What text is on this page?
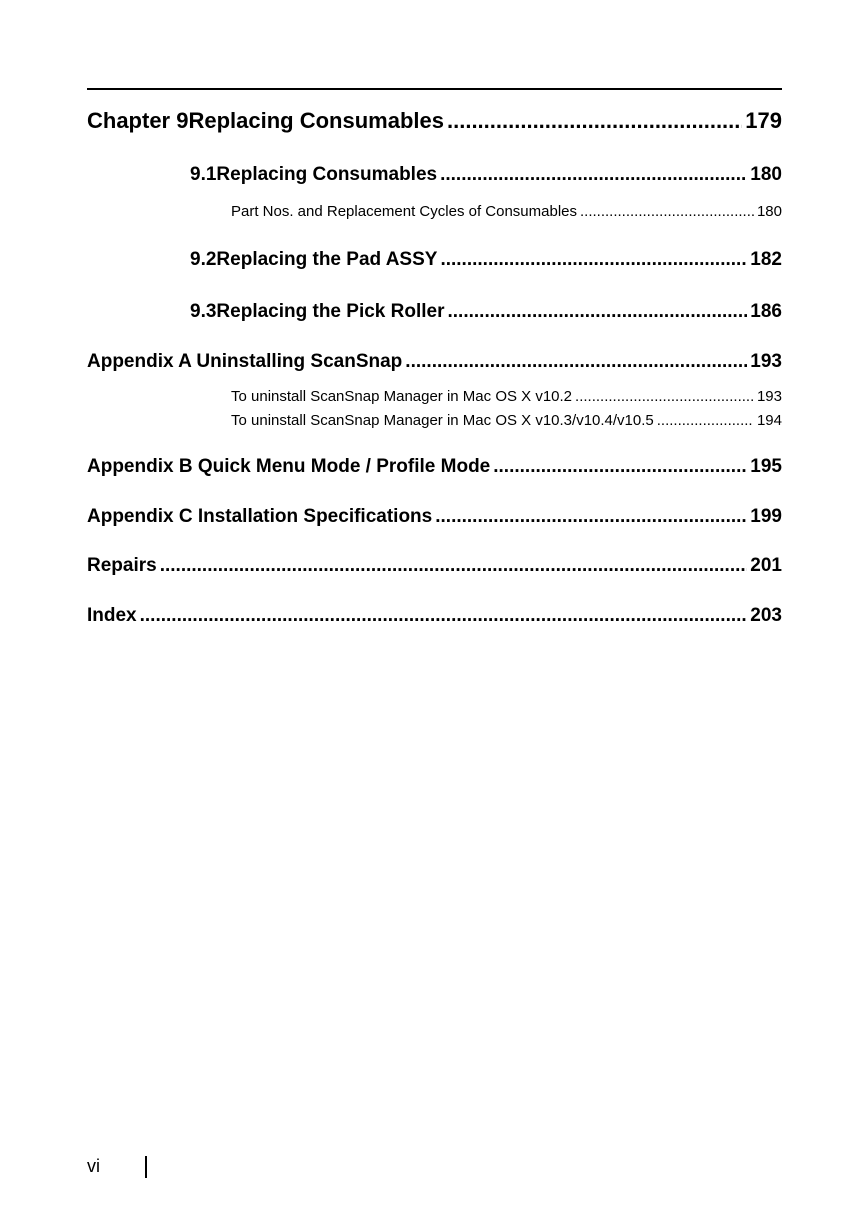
Chapter 9 Replacing Consumables .....	179
9.1 Replacing Consumables .....	180
Part Nos. and Replacement Cycles of Consumables .....	180
9.2 Replacing the Pad ASSY .....	182
9.3 Replacing the Pick Roller .....	186
Appendix A Uninstalling ScanSnap .....	193
To uninstall ScanSnap Manager in Mac OS X v10.2 .....	193
To uninstall ScanSnap Manager in Mac OS X v10.3/v10.4/v10.5 .....	194
Appendix B Quick Menu Mode / Profile Mode .....	195
Appendix C Installation Specifications .....	199
Repairs .....	201
Index .....	203
vi
